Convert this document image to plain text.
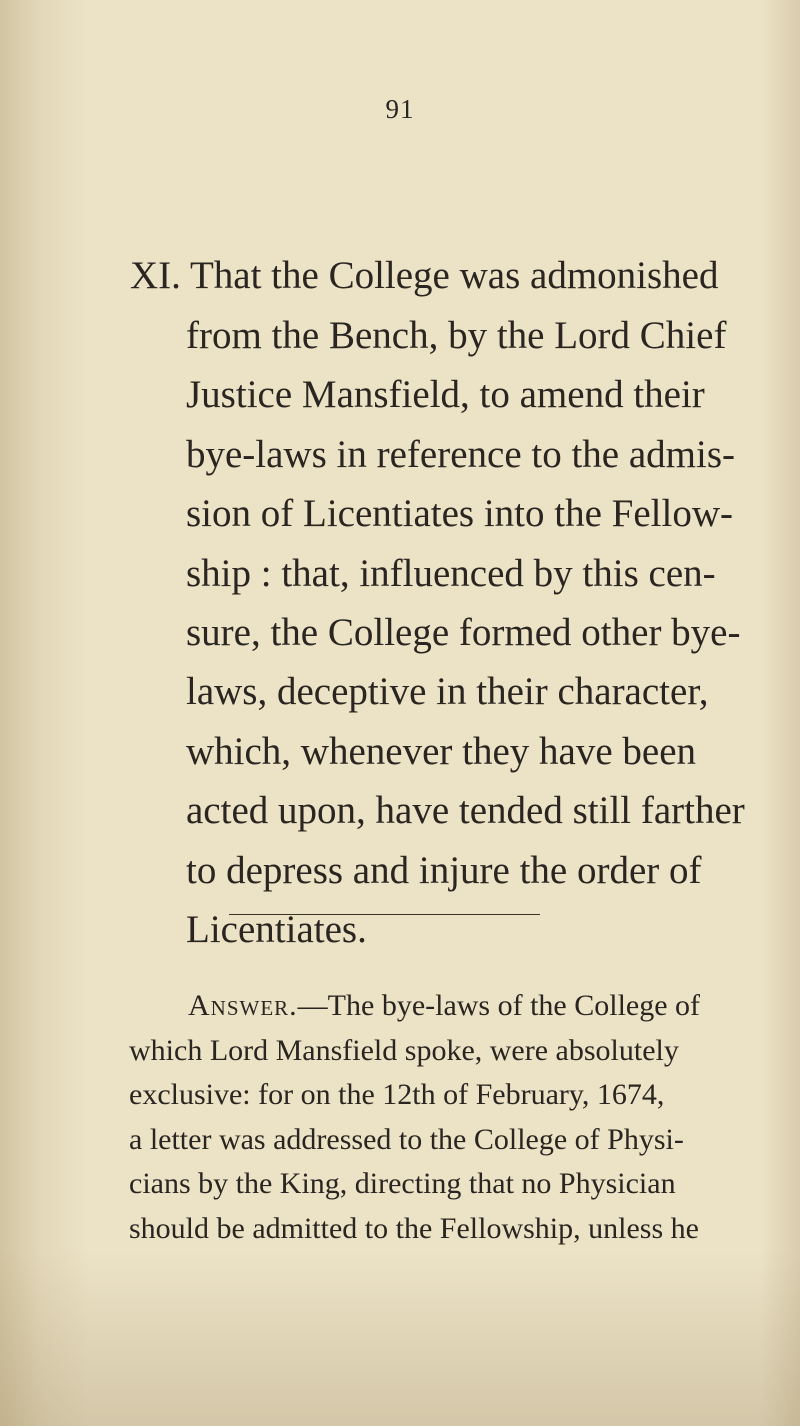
91
XI. That the College was admonished
from the Bench, by the Lord Chief
Justice Mansfield, to amend their
bye-laws in reference to the admis-
sion of Licentiates into the Fellow-
ship : that, influenced by this cen-
sure, the College formed other bye-
laws, deceptive in their character,
which, whenever they have been
acted upon, have tended still farther
to depress and injure the order of
Licentiates.
Answer.—The bye-laws of the College of
which Lord Mansfield spoke, were absolutely
exclusive: for on the 12th of February, 1674,
a letter was addressed to the College of Physi-
cians by the King, directing that no Physician
should be admitted to the Fellowship, unless he
